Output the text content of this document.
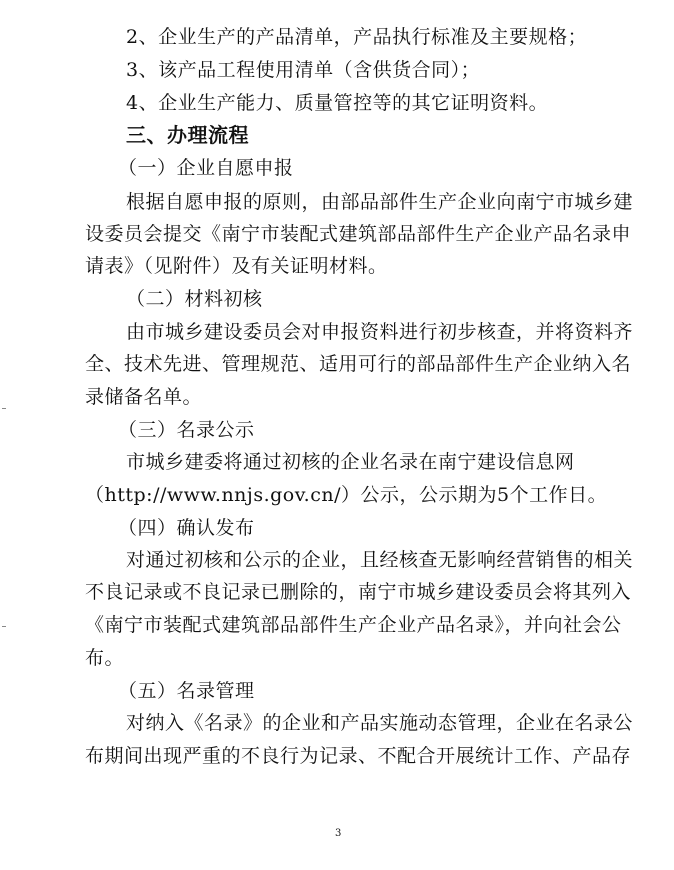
2、企业生产的产品清单，产品执行标准及主要规格；
3、该产品工程使用清单（含供货合同）；
4、企业生产能力、质量管控等的其它证明资料。
三、办理流程
（一）企业自愿申报
根据自愿申报的原则，由部品部件生产企业向南宁市城乡建
设委员会提交《南宁市装配式建筑部品部件生产企业产品名录申
请表》（见附件）及有关证明材料。
（二）材料初核
由市城乡建设委员会对申报资料进行初步核查，并将资料齐
全、技术先进、管理规范、适用可行的部品部件生产企业纳入名
录储备名单。
（三）名录公示
市城乡建委将通过初核的企业名录在南宁建设信息网
（http://www.nnjs.gov.cn/）公示，公示期为5个工作日。
（四）确认发布
对通过初核和公示的企业，且经核查无影响经营销售的相关
不良记录或不良记录已删除的，南宁市城乡建设委员会将其列入
《南宁市装配式建筑部品部件生产企业产品名录》，并向社会公
布。
（五）名录管理
对纳入《名录》的企业和产品实施动态管理，企业在名录公
布期间出现严重的不良行为记录、不配合开展统计工作、产品存
3
